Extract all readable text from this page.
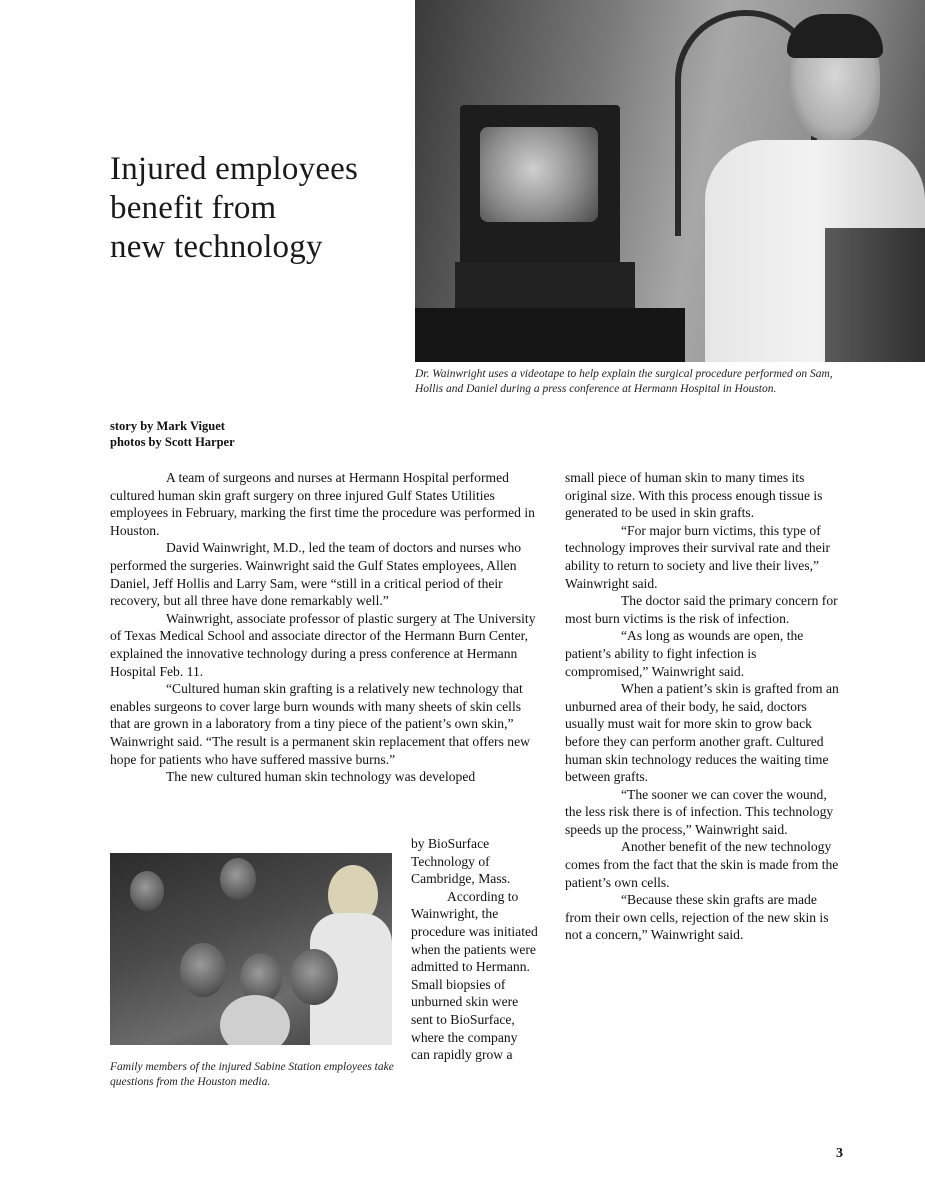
Injured employees
benefit from
new technology
Dr. Wainwright uses a videotape to help explain the surgical procedure performed on Sam, Hollis and Daniel during a press conference at Hermann Hospital in Houston.
story by Mark Viguet
photos by Scott Harper

A team of surgeons and nurses at Hermann Hospital performed cultured human skin graft surgery on three injured Gulf States Utilities employees in February, marking the first time the procedure was performed in Houston.

David Wainwright, M.D., led the team of doctors and nurses who performed the surgeries. Wainwright said the Gulf States employees, Allen Daniel, Jeff Hollis and Larry Sam, were “still in a critical period of their recovery, but all three have done remarkably well.”

Wainwright, associate professor of plastic surgery at The University of Texas Medical School and associate director of the Hermann Burn Center, explained the innovative technology during a press conference at Hermann Hospital Feb. 11.

“Cultured human skin grafting is a relatively new technology that enables surgeons to cover large burn wounds with many sheets of skin cells that are grown in a laboratory from a tiny piece of the patient’s own skin,” Wainwright said. “The result is a permanent skin replacement that offers new hope for patients who have suffered massive burns.”

The new cultured human skin technology was developed

Family members of the injured Sabine Station employees take questions from the Houston media.

by BioSurface Technology of Cambridge, Mass.

According to Wainwright, the procedure was initiated when the patients were admitted to Hermann. Small biopsies of unburned skin were sent to BioSurface, where the company can rapidly grow a

small piece of human skin to many times its original size. With this process enough tissue is generated to be used in skin grafts.

“For major burn victims, this type of technology improves their survival rate and their ability to return to society and live their lives,” Wainwright said.

The doctor said the primary concern for most burn victims is the risk of infection.

“As long as wounds are open, the patient’s ability to fight infection is compromised,” Wainwright said.

When a patient’s skin is grafted from an unburned area of their body, he said, doctors usually must wait for more skin to grow back before they can perform another graft. Cultured human skin technology reduces the waiting time between grafts.

“The sooner we can cover the wound, the less risk there is of infection. This technology speeds up the process,” Wainwright said.

Another benefit of the new technology comes from the fact that the skin is made from the patient’s own cells.

“Because these skin grafts are made from their own cells, rejection of the new skin is not a concern,” Wainwright said.

3
